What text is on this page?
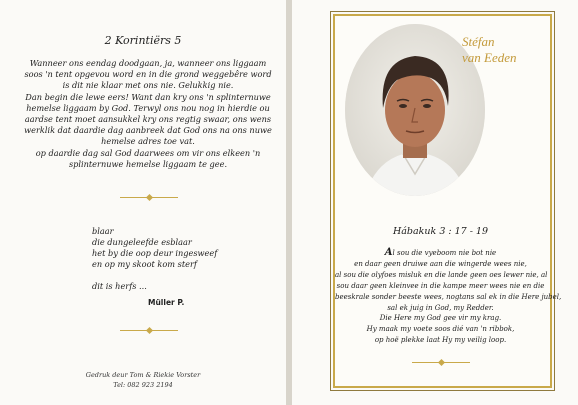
2 Korintiërs 5
Wanneer ons eendag doodgaan, ja, wanneer ons liggaam
soos 'n tent opgevou word en in die grond weggebêre word
is dit nie klaar met ons nie. Gelukkig nie.
Dan begin die lewe eers! Want dan kry ons 'n splinternuwe
hemelse liggaam by God. Terwyl ons nou nog in hierdie ou
aardse tent moet aansukkel kry ons regtig swaar, ons wens
werklik dat daardie dag aanbreek dat God ons na ons nuwe
hemelse adres toe vat.
op daardie dag sal God daarwees om vir ons elkeen 'n
splinternuwe hemelse liggaam te gee.
blaar
die dungeleefde esblaar
het by die oop deur ingesweef
en op my skoot kom sterf
dit is herfs ...
Müller P.
Gedruk deur Tom & Riekie Vorster
Tel: 082 923 2194
Stéfan
van Eeden
Hábakuk 3 : 17 - 19
Al sou die vyeboom nie bot nie
en daar geen druiwe aan die wingerde wees nie,
al sou die olyfoes misluk en die lande geen oes lewer nie, al
sou daar geen kleinvee in die kampe meer wees nie en die
beeskrale sonder beeste wees, nogtans sal ek in die Here jubel,
sal ek juig in God, my Redder.
Die Here my God gee vir my krag.
Hy maak my voete soos dié van 'n ribbok,
op hoë plekke laat Hy my veilig loop.
